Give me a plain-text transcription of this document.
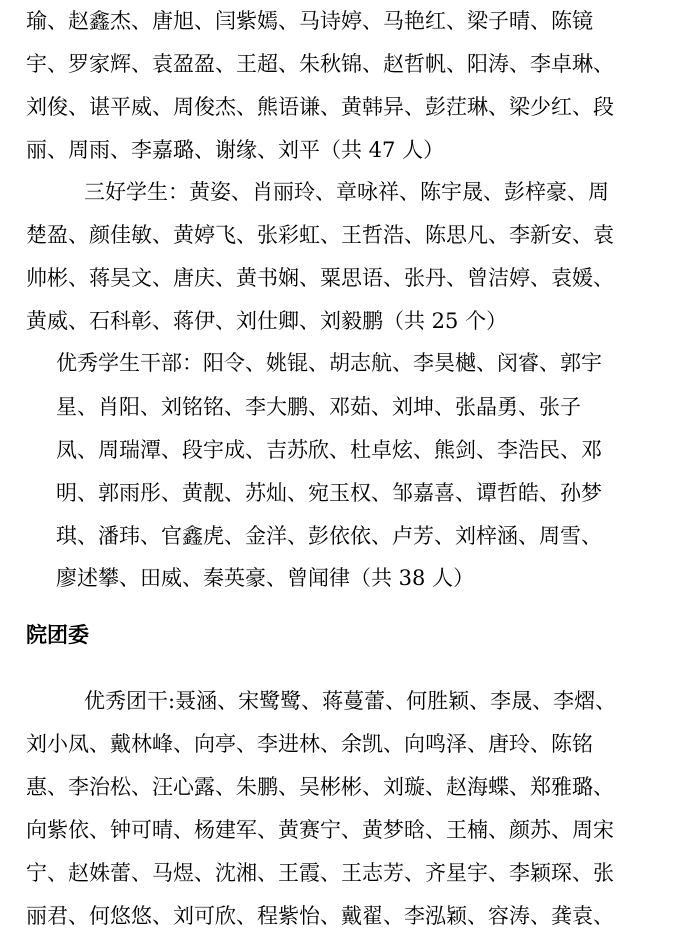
瑜、赵鑫杰、唐旭、闫紫嫣、马诗婷、马艳红、梁子晴、陈镜
宇、罗家辉、袁盈盈、王超、朱秋锦、赵哲帆、阳涛、李卓琳、
刘俊、谌平威、周俊杰、熊语谦、黄韩异、彭茳琳、梁少红、段
丽、周雨、李嘉璐、谢缘、刘平（共 47 人）
三好学生：黄姿、肖丽玲、章咏祥、陈宇晟、彭梓豪、周
楚盈、颜佳敏、黄婷飞、张彩虹、王哲浩、陈思凡、李新安、袁
帅彬、蒋昊文、唐庆、黄书娴、粟思语、张丹、曾洁婷、袁媛、
黄威、石科彰、蒋伊、刘仕卿、刘毅鹏（共 25 个）
优秀学生干部：阳令、姚锟、胡志航、李昊樾、闵睿、郭宇
星、肖阳、刘铭铭、李大鹏、邓茹、刘坤、张晶勇、张子
凤、周瑞潭、段宇成、吉苏欣、杜卓炫、熊剑、李浩民、邓
明、郭雨彤、黄靓、苏灿、宛玉权、邹嘉喜、谭哲皓、孙梦
琪、潘玮、官鑫虎、金洋、彭依依、卢芳、刘梓涵、周雪、
廖述攀、田威、秦英豪、曾闻律（共 38 人）
院团委
优秀团干:聂涵、宋鹭鹭、蒋蔓蕾、何胜颖、李晟、李熠、
刘小凤、戴林峰、向亭、李进林、余凯、向鸣泽、唐玲、陈铭
惠、李治松、汪心露、朱鹏、吴彬彬、刘璇、赵海蝶、郑雅璐、
向紫依、钟可晴、杨建军、黄赛宁、黄梦晗、王楠、颜苏、周宋
宁、赵姝蕾、马煜、沈湘、王霞、王志芳、齐星宇、李颖琛、张
丽君、何悠悠、刘可欣、程紫怡、戴翟、李泓颖、容涛、龚袁、
